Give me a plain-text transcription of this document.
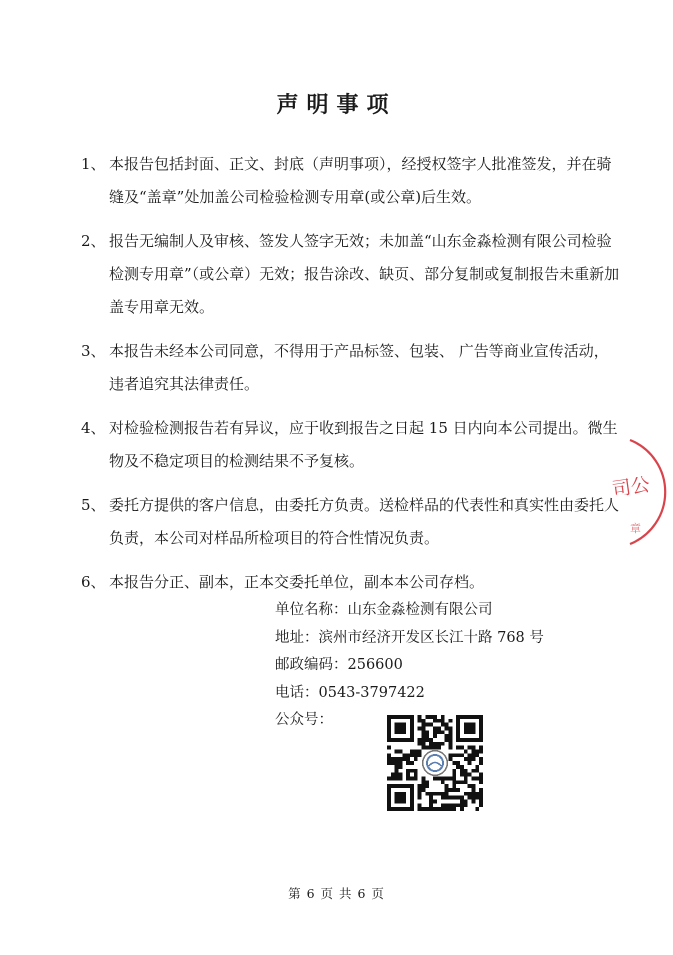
声明事项
1、 本报告包括封面、正文、封底（声明事项），经授权签字人批准签发，并在骑缝及“盖章”处加盖公司检验检测专用章(或公章)后生效。
2、 报告无编制人及审核、签发人签字无效；未加盖“山东金淼检测有限公司检验检测专用章”（或公章）无效；报告涂改、缺页、部分复制或复制报告未重新加盖专用章无效。
3、 本报告未经本公司同意，不得用于产品标签、包装、 广告等商业宣传活动，违者追究其法律责任。
4、 对检验检测报告若有异议，应于收到报告之日起 15 日内向本公司提出。微生物及不稳定项目的检测结果不予复核。
5、 委托方提供的客户信息，由委托方负责。送检样品的代表性和真实性由委托人负责，本公司对样品所检项目的符合性情况负责。
6、 本报告分正、副本，正本交委托单位，副本本公司存档。
单位名称：山东金淼检测有限公司
地址：滨州市经济开发区长江十路 768 号
邮政编码：256600
电话：0543-3797422
公众号：
司公
章
第 6 页 共 6 页
